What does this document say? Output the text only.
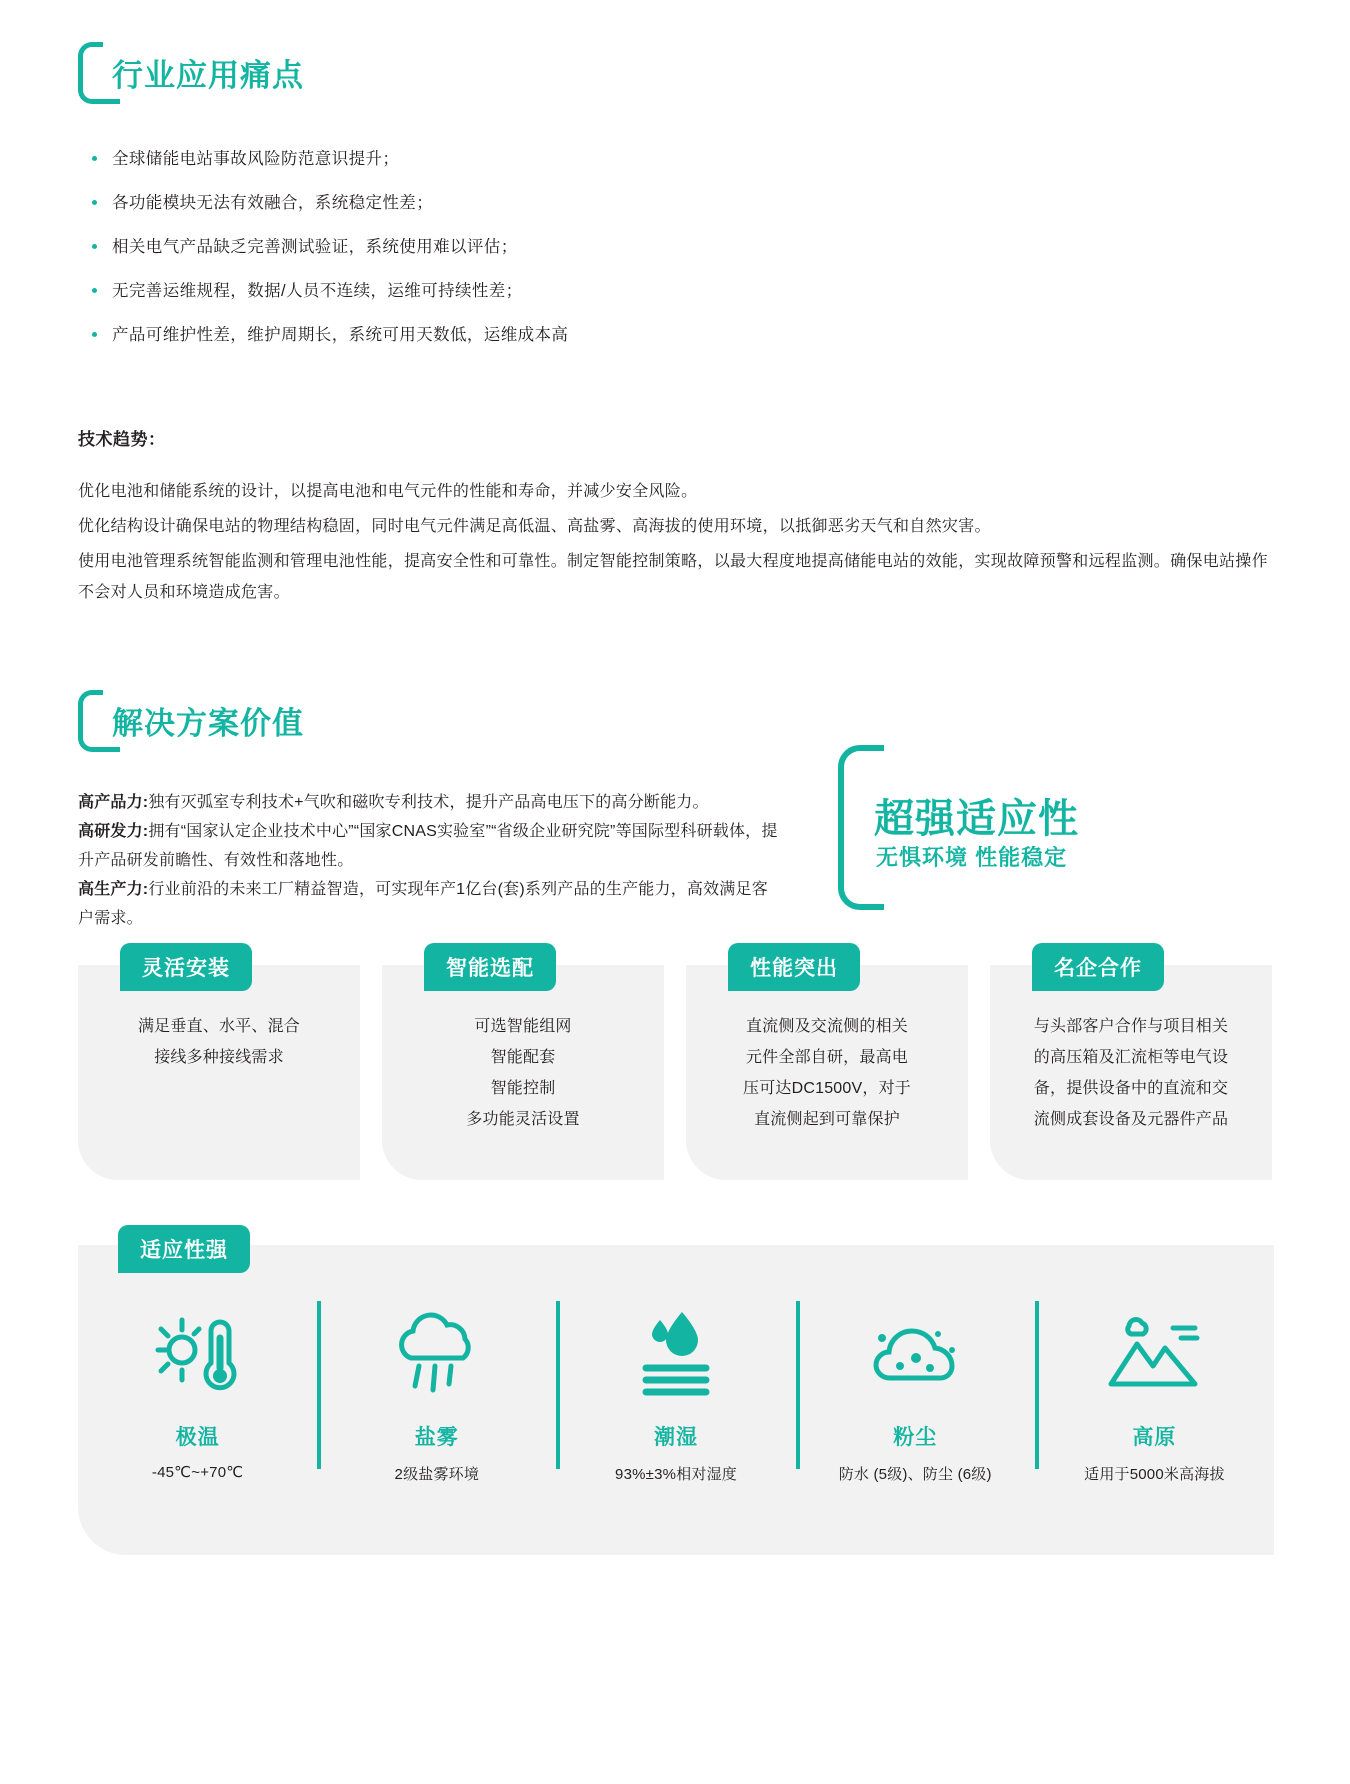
行业应用痛点
全球储能电站事故风险防范意识提升；
各功能模块无法有效融合，系统稳定性差；
相关电气产品缺乏完善测试验证，系统使用难以评估；
无完善运维规程，数据/人员不连续，运维可持续性差；
产品可维护性差，维护周期长，系统可用天数低，运维成本高
技术趋势：

优化电池和储能系统的设计，以提高电池和电气元件的性能和寿命，并减少安全风险。

优化结构设计确保电站的物理结构稳固，同时电气元件满足高低温、高盐雾、高海拔的使用环境，以抵御恶劣天气和自然灾害。

使用电池管理系统智能监测和管理电池性能，提高安全性和可靠性。制定智能控制策略，以最大程度地提高储能电站的效能，实现故障预警和远程监测。确保电站操作不会对人员和环境造成危害。

解决方案价值
高产品力:独有灭弧室专利技术+气吹和磁吹专利技术，提升产品高电压下的高分断能力。
高研发力:拥有“国家认定企业技术中心”“国家CNAS实验室”“省级企业研究院”等国际型科研载体，提升产品研发前瞻性、有效性和落地性。
高生产力:行业前沿的未来工厂精益智造，可实现年产1亿台(套)系列产品的生产能力，高效满足客户需求。
超强适应性
无惧环境 性能稳定
灵活安装
满足垂直、水平、混合
接线多种接线需求
智能选配
可选智能组网
智能配套
智能控制
多功能灵活设置
性能突出
直流侧及交流侧的相关
元件全部自研，最高电
压可达DC1500V，对于
直流侧起到可靠保护
名企合作
与头部客户合作与项目相关
的高压箱及汇流柜等电气设
备，提供设备中的直流和交
流侧成套设备及元器件产品
适应性强
极温
-45℃~+70℃
盐雾
2级盐雾环境
潮湿
93%±3%相对湿度
粉尘
防水 (5级)、防尘 (6级)
高原
适用于5000米高海拔
